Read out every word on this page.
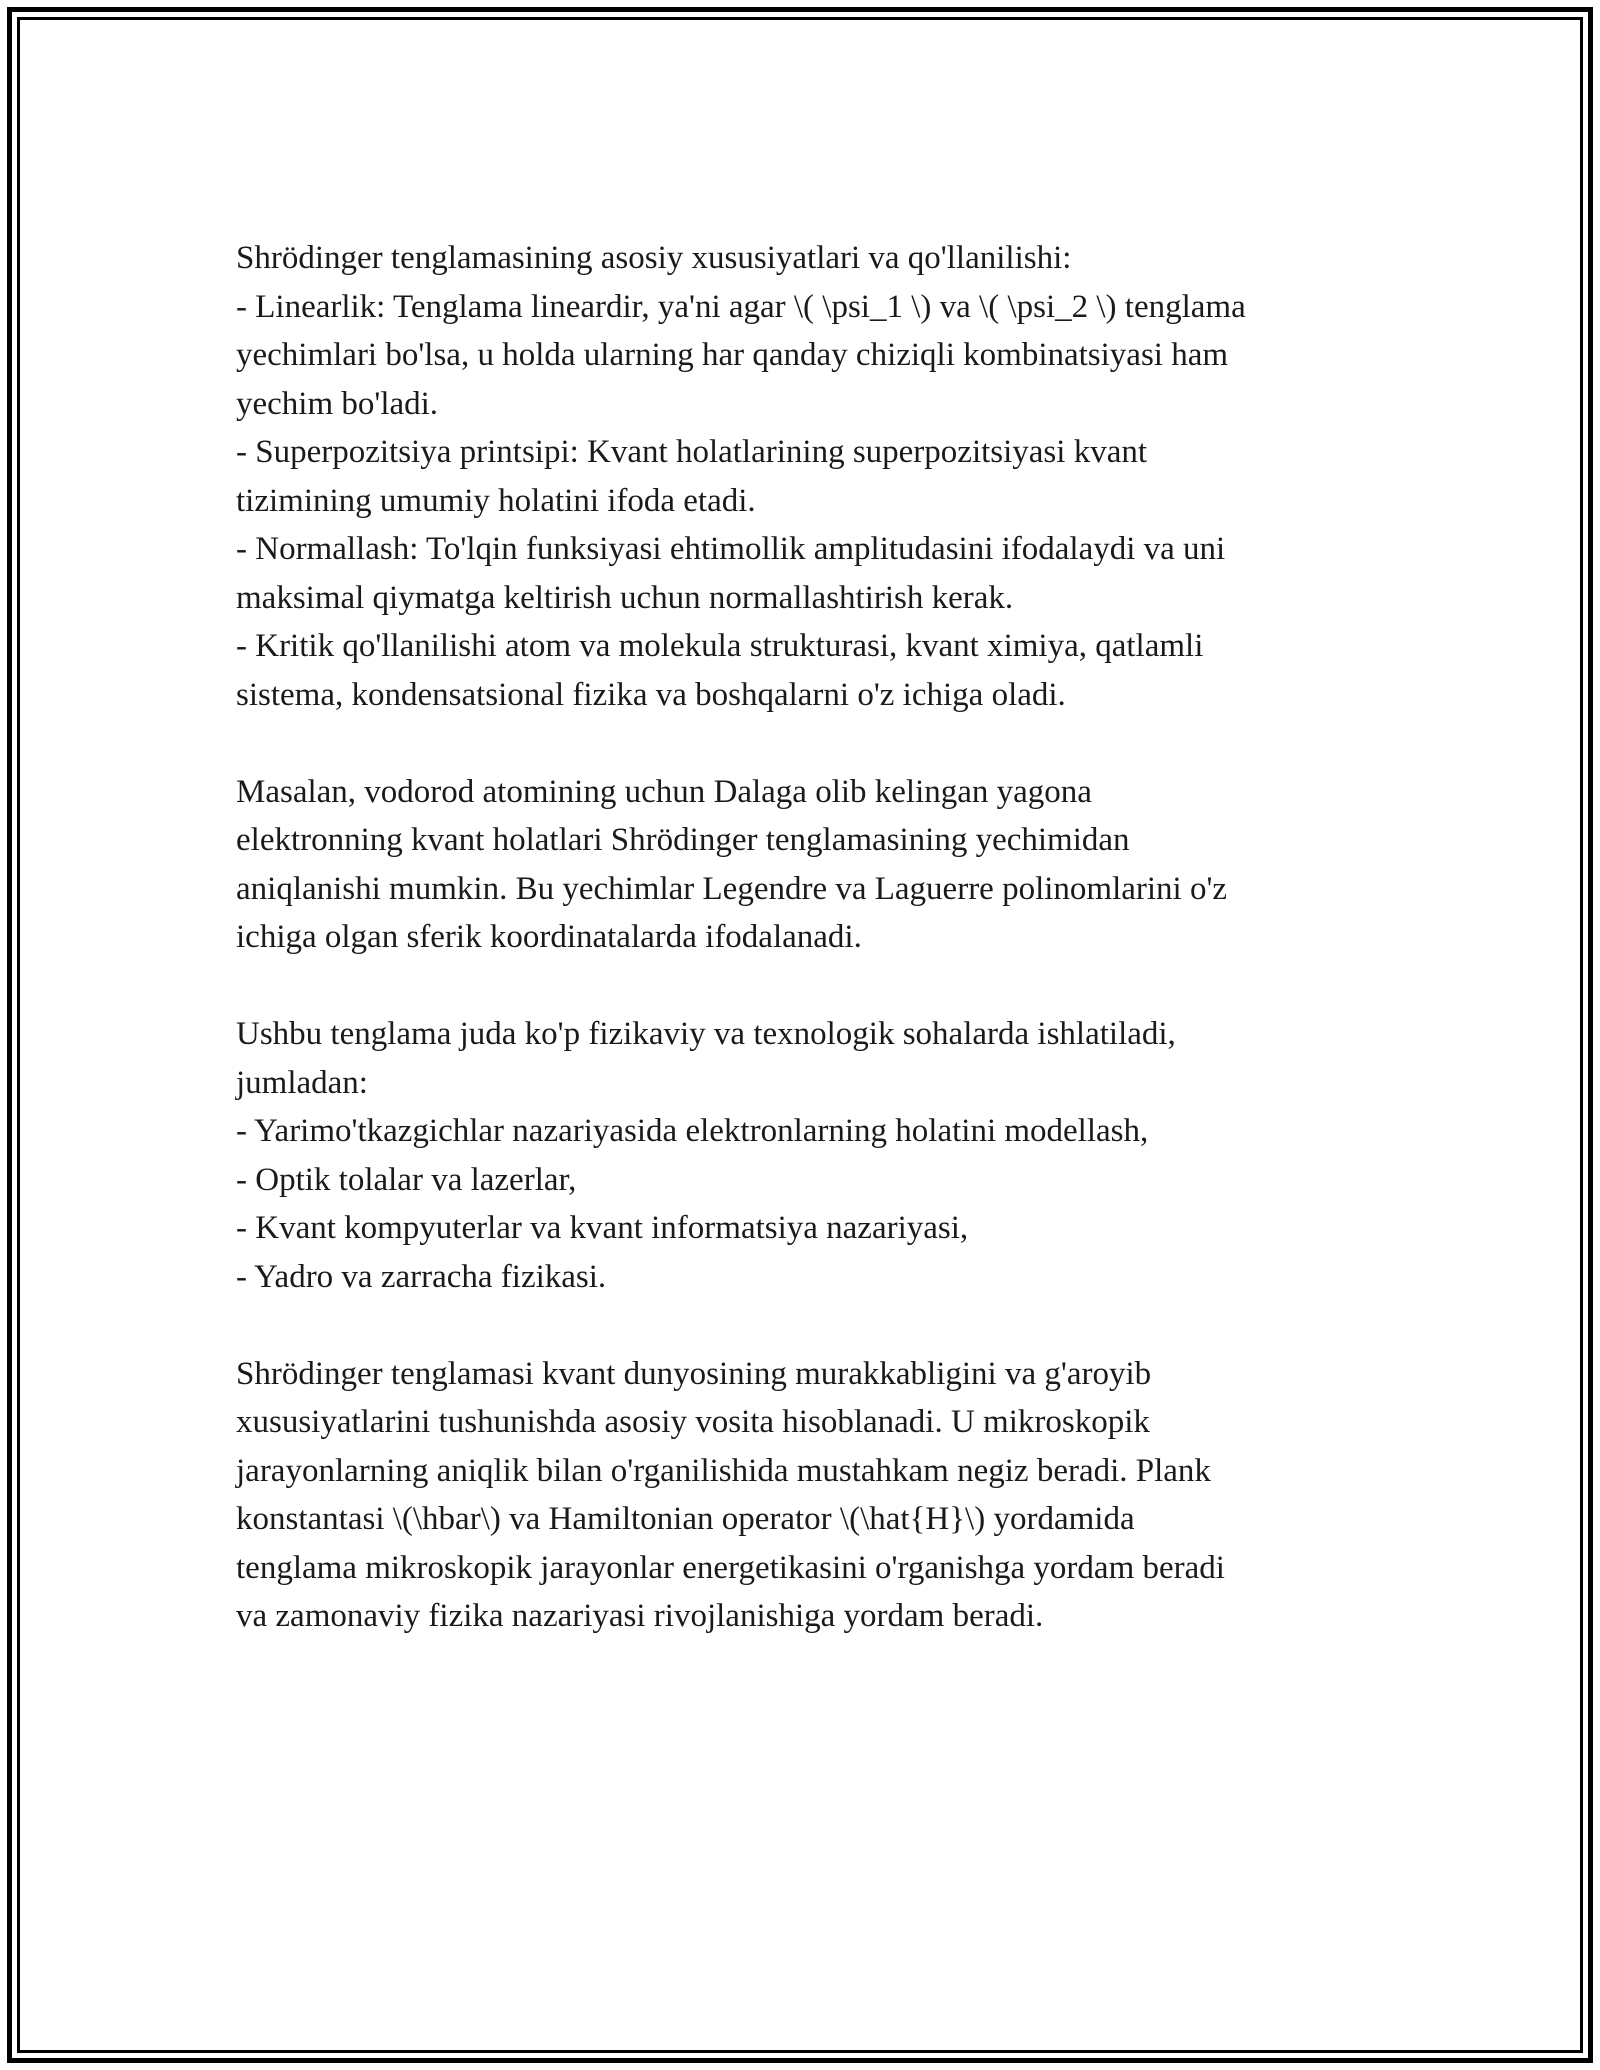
Shrödinger tenglamasining asosiy xususiyatlari va qo'llanilishi:
- Linearlik: Tenglama lineardir, ya'ni agar \( \psi_1 \) va \( \psi_2 \) tenglama
yechimlari bo'lsa, u holda ularning har qanday chiziqli kombinatsiyasi ham
yechim bo'ladi.
- Superpozitsiya printsipi: Kvant holatlarining superpozitsiyasi kvant
tizimining umumiy holatini ifoda etadi.
- Normallash: To'lqin funksiyasi ehtimollik amplitudasini ifodalaydi va uni
maksimal qiymatga keltirish uchun normallashtirish kerak.
- Kritik qo'llanilishi atom va molekula strukturasi, kvant ximiya, qatlamli
sistema, kondensatsional fizika va boshqalarni o'z ichiga oladi.
Masalan, vodorod atomining uchun Dalaga olib kelingan yagona
elektronning kvant holatlari Shrödinger tenglamasining yechimidan
aniqlanishi mumkin. Bu yechimlar Legendre va Laguerre polinomlarini o'z
ichiga olgan sferik koordinatalarda ifodalanadi.
Ushbu tenglama juda ko'p fizikaviy va texnologik sohalarda ishlatiladi,
jumladan:
- Yarimo'tkazgichlar nazariyasida elektronlarning holatini modellash,
- Optik tolalar va lazerlar,
- Kvant kompyuterlar va kvant informatsiya nazariyasi,
- Yadro va zarracha fizikasi.
Shrödinger tenglamasi kvant dunyosining murakkabligini va g'aroyib
xususiyatlarini tushunishda asosiy vosita hisoblanadi. U mikroskopik
jarayonlarning aniqlik bilan o'rganilishida mustahkam negiz beradi. Plank
konstantasi \(\hbar\) va Hamiltonian operator \(\hat{H}\) yordamida
tenglama mikroskopik jarayonlar energetikasini o'rganishga yordam beradi
va zamonaviy fizika nazariyasi rivojlanishiga yordam beradi.
